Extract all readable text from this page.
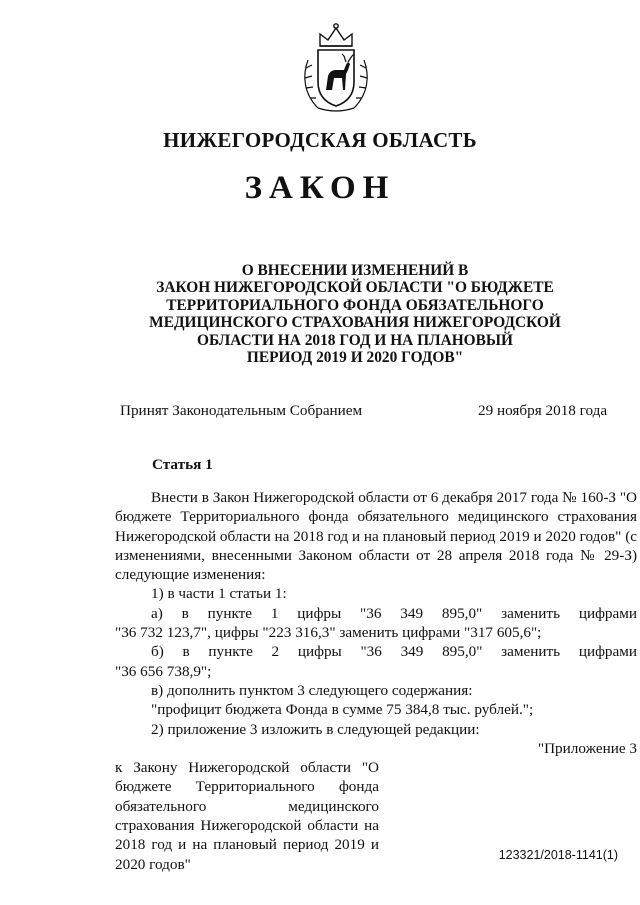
НИЖЕГОРОДСКАЯ ОБЛАСТЬ
ЗАКОН
О ВНЕСЕНИИ ИЗМЕНЕНИЙ В
ЗАКОН НИЖЕГОРОДСКОЙ ОБЛАСТИ "О БЮДЖЕТЕ
ТЕРРИТОРИАЛЬНОГО ФОНДА ОБЯЗАТЕЛЬНОГО
МЕДИЦИНСКОГО СТРАХОВАНИЯ НИЖЕГОРОДСКОЙ
ОБЛАСТИ НА 2018 ГОД И НА ПЛАНОВЫЙ
ПЕРИОД 2019 И 2020 ГОДОВ"
Принят Законодательным Собранием	29 ноября 2018 года
Статья 1

Внести в Закон Нижегородской области от 6 декабря 2017 года № 160-З "О бюджете Территориального фонда обязательного медицинского страхования Нижегородской области на 2018 год и на плановый период 2019 и 2020 годов" (с изменениями, внесенными Законом области от 28 апреля 2018 года № 29-З) следующие изменения:

1) в части 1 статьи 1:

а) в пункте 1 цифры "36 349 895,0" заменить цифрами

"36 732 123,7", цифры "223 316,3" заменить цифрами "317 605,6";

б) в пункте 2 цифры "36 349 895,0" заменить цифрами

"36 656 738,9";

в) дополнить пунктом 3 следующего содержания:

"профицит бюджета Фонда в сумме 75 384,8 тыс. рублей.";

2) приложение 3 изложить в следующей редакции:

"Приложение 3

к Закону Нижегородской области "О бюджете Территориального фонда обязательного медицинского страхования Нижегородской области на 2018 год и на плановый период 2019 и 2020 годов"

123321/2018-1141(1)
